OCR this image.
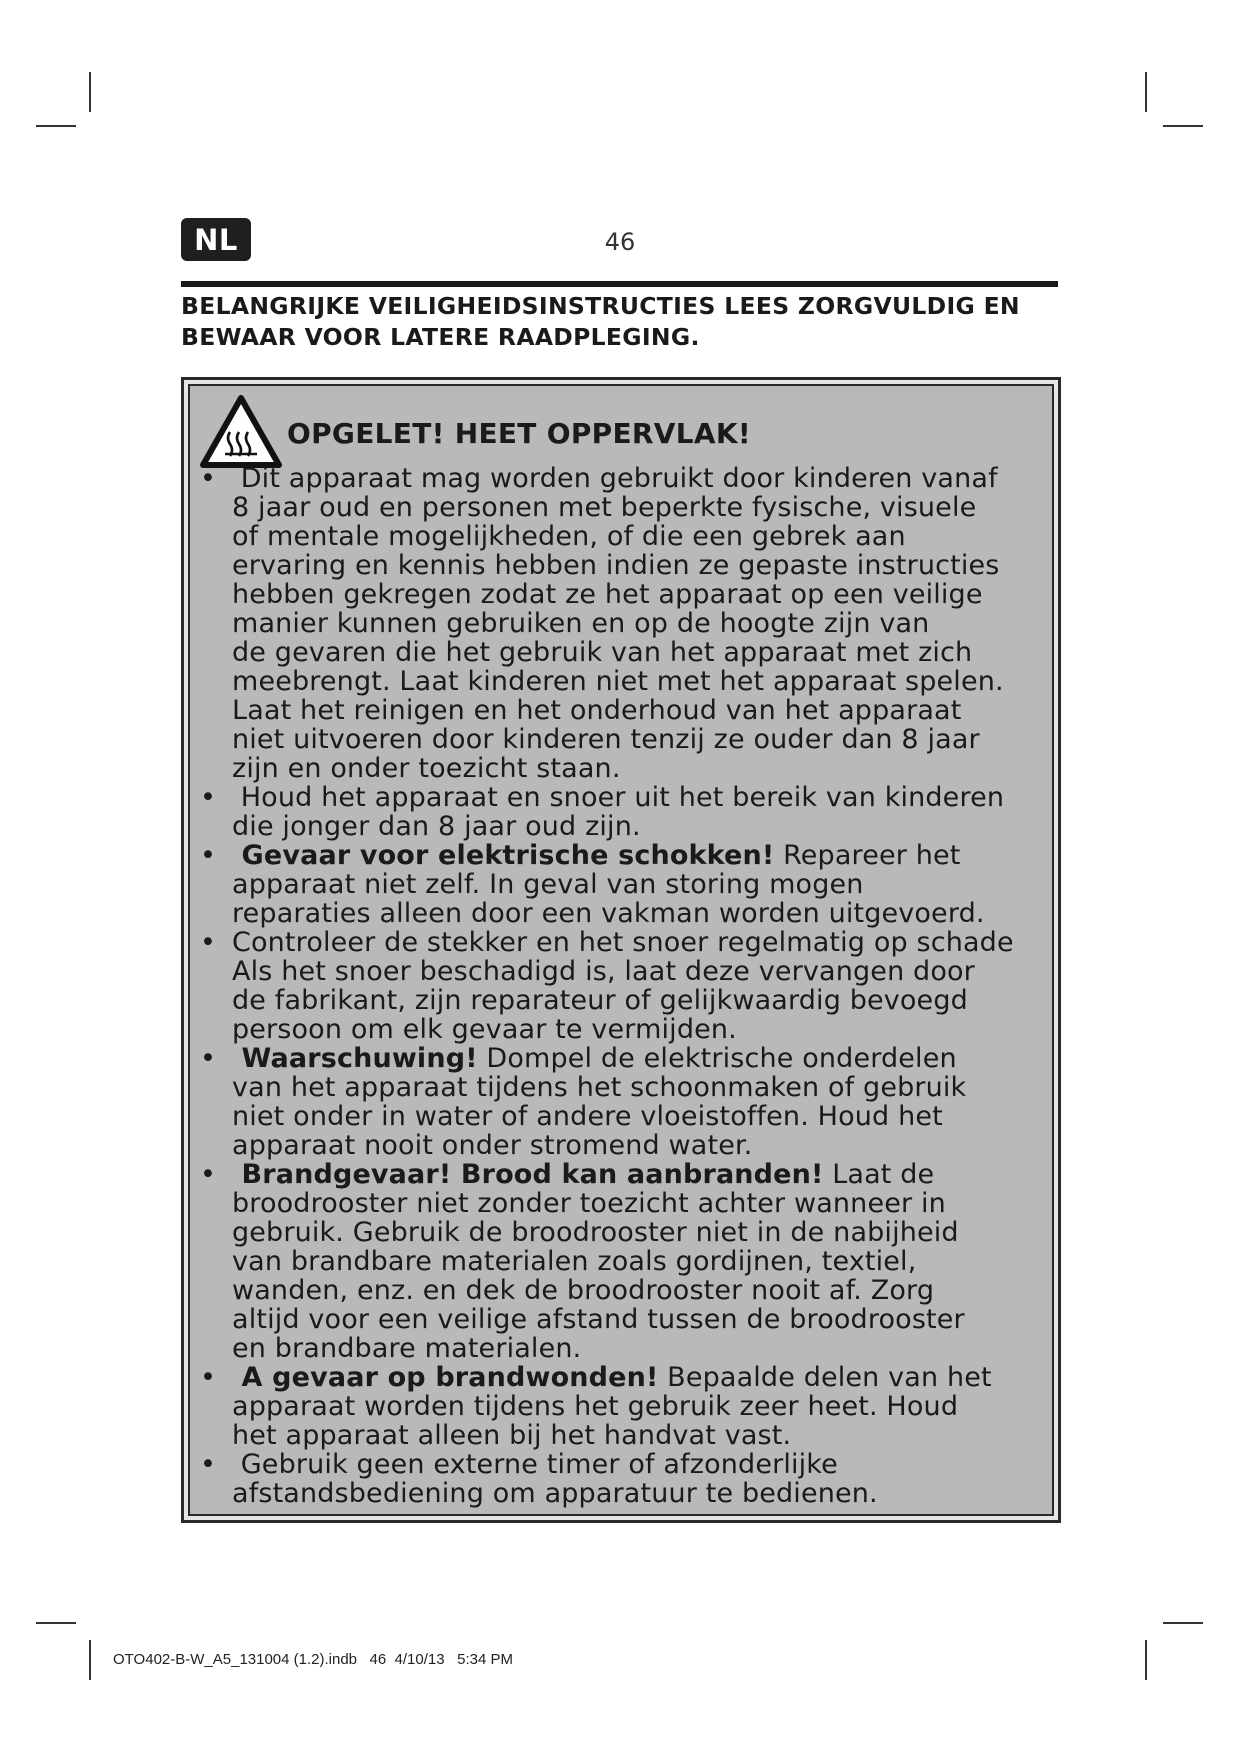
NL	46
BELANGRIJKE VEILIGHEIDSINSTRUCTIES LEES ZORGVULDIG EN BEWAAR VOOR LATERE RAADPLEGING.
OPGELET! HEET OPPERVLAK!
• Dit apparaat mag worden gebruikt door kinderen vanaf
8 jaar oud en personen met beperkte fysische, visuele
of mentale mogelijkheden, of die een gebrek aan
ervaring en kennis hebben indien ze gepaste instructies
hebben gekregen zodat ze het apparaat op een veilige
manier kunnen gebruiken en op de hoogte zijn van
de gevaren die het gebruik van het apparaat met zich
meebrengt. Laat kinderen niet met het apparaat spelen.
Laat het reinigen en het onderhoud van het apparaat
niet uitvoeren door kinderen tenzij ze ouder dan 8 jaar
zijn en onder toezicht staan.
• Houd het apparaat en snoer uit het bereik van kinderen
die jonger dan 8 jaar oud zijn.
• Gevaar voor elektrische schokken! Repareer het
apparaat niet zelf. In geval van storing mogen
reparaties alleen door een vakman worden uitgevoerd.
• Controleer de stekker en het snoer regelmatig op schade
Als het snoer beschadigd is, laat deze vervangen door
de fabrikant, zijn reparateur of gelijkwaardig bevoegd
persoon om elk gevaar te vermijden.
• Waarschuwing! Dompel de elektrische onderdelen
van het apparaat tijdens het schoonmaken of gebruik
niet onder in water of andere vloeistoffen. Houd het
apparaat nooit onder stromend water.
• Brandgevaar! Brood kan aanbranden! Laat de
broodrooster niet zonder toezicht achter wanneer in
gebruik. Gebruik de broodrooster niet in de nabijheid
van brandbare materialen zoals gordijnen, textiel,
wanden, enz. en dek de broodrooster nooit af. Zorg
altijd voor een veilige afstand tussen de broodrooster
en brandbare materialen.
• A gevaar op brandwonden! Bepaalde delen van het
apparaat worden tijdens het gebruik zeer heet. Houd
het apparaat alleen bij het handvat vast.
• Gebruik geen externe timer of afzonderlijke
afstandsbediening om apparatuur te bedienen.
OTO402-B-W_A5_131004 (1.2).indb   46  4/10/13   5:34 PM
